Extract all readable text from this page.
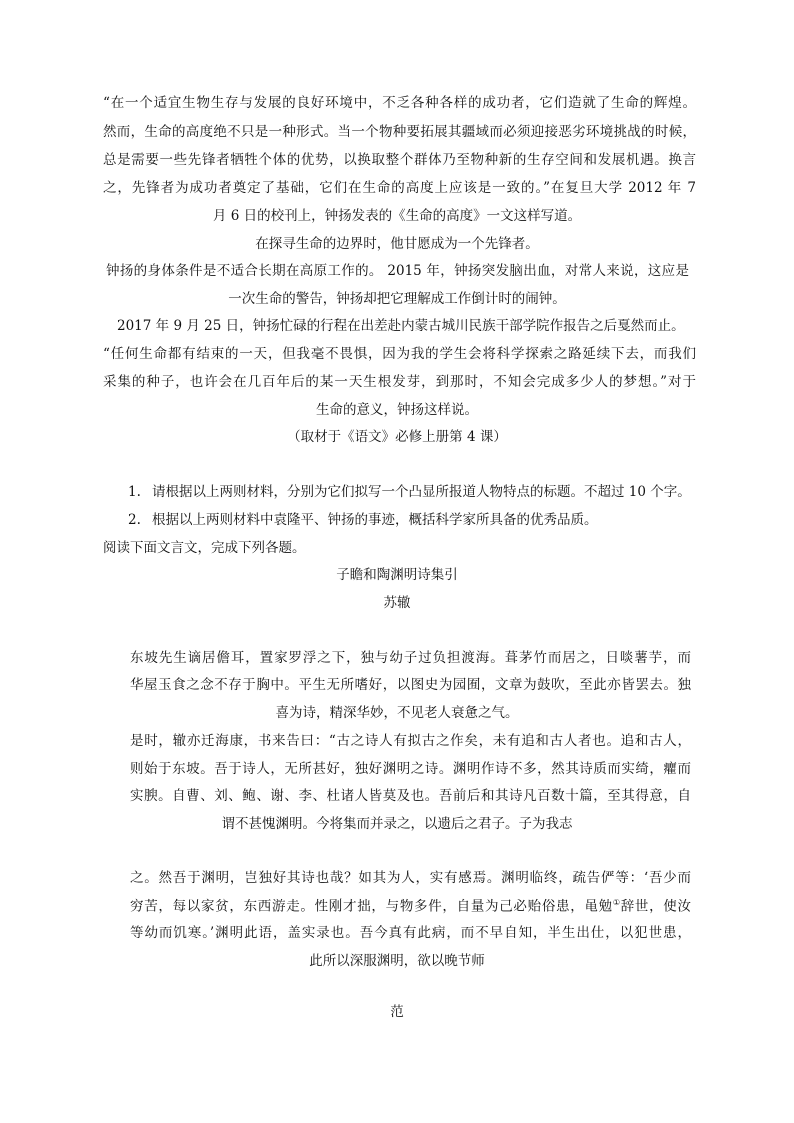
“在一个适宜生物生存与发展的良好环境中，不乏各种各样的成功者，它们造就了生命的辉煌。
然而，生命的高度绝不只是一种形式。当一个物种要拓展其疆域而必须迎接恶劣环境挑战的时候，
总是需要一些先锋者牺牲个体的优势，以换取整个群体乃至物种新的生存空间和发展机遇。换言
之，先锋者为成功者奠定了基础，它们在生命的高度上应该是一致的。”在复旦大学 2012 年 7
月 6 日的校刊上，钟扬发表的《生命的高度》一文这样写道。
在探寻生命的边界时，他甘愿成为一个先锋者。
钟扬的身体条件是不适合长期在高原工作的。 2015 年，钟扬突发脑出血，对常人来说，这应是
一次生命的警告，钟扬却把它理解成工作倒计时的闹钟。
2017 年 9 月 25 日，钟扬忙碌的行程在出差赴内蒙古城川民族干部学院作报告之后戛然而止。
“任何生命都有结束的一天，但我毫不畏惧，因为我的学生会将科学探索之路延续下去，而我们
采集的种子，也许会在几百年后的某一天生根发芽，到那时，不知会完成多少人的梦想。”对于
生命的意义，钟扬这样说。
（取材于《语文》必修上册第 4 课）
1. 请根据以上两则材料，分别为它们拟写一个凸显所报道人物特点的标题。不超过 10 个字。
2. 根据以上两则材料中袁隆平、钟扬的事迹，概括科学家所具备的优秀品质。
阅读下面文言文，完成下列各题。
子瞻和陶渊明诗集引
苏辙
东坡先生谪居儋耳，置家罗浮之下，独与幼子过负担渡海。葺茅竹而居之，日啖薯芋，而
华屋玉食之念不存于胸中。平生无所嗜好，以图史为园囿，文章为鼓吹，至此亦皆罢去。独
喜为诗，精深华妙，不见老人衰惫之气。
是时，辙亦迁海康，书来告曰：“古之诗人有拟古之作矣，未有追和古人者也。追和古人，
则始于东坡。吾于诗人，无所甚好，独好渊明之诗。渊明作诗不多，然其诗质而实绮，癯而
实腴。自曹、刘、鲍、谢、李、杜诸人皆莫及也。吾前后和其诗凡百数十篇，至其得意，自
谓不甚愧渊明。今将集而并录之，以遗后之君子。子为我志
之。然吾于渊明，岂独好其诗也哉？如其为人，实有感焉。渊明临终，疏告俨等：‘吾少而
穷苦，每以家贫，东西游走。性刚才拙，与物多件，自量为己必贻俗患，黾勉①辞世，使汝
等幼而饥寒。’渊明此语，盖实录也。吾今真有此病，而不早自知，半生出仕，以犯世患，
此所以深服渊明，欲以晚节师
范
